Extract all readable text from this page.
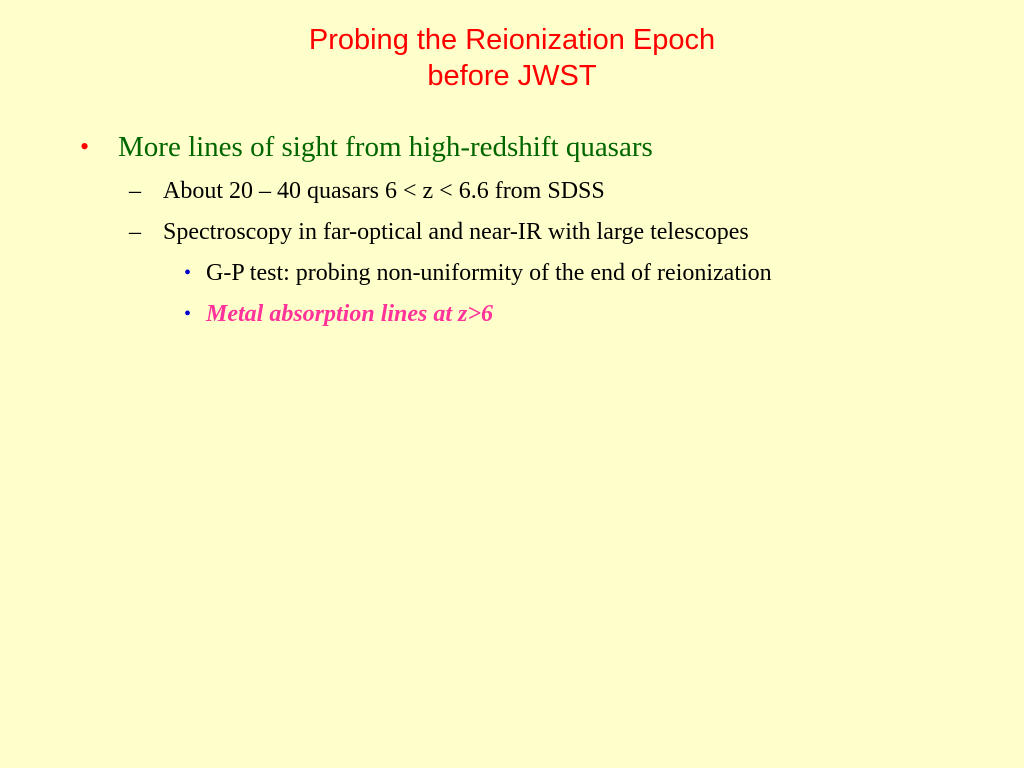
Probing the Reionization Epoch
before JWST
• More lines of sight from high-redshift quasars
– About 20 – 40 quasars 6 < z < 6.6 from SDSS
– Spectroscopy in far-optical and near-IR with large telescopes
• G-P test: probing non-uniformity of the end of reionization
• Metal absorption lines at z>6
